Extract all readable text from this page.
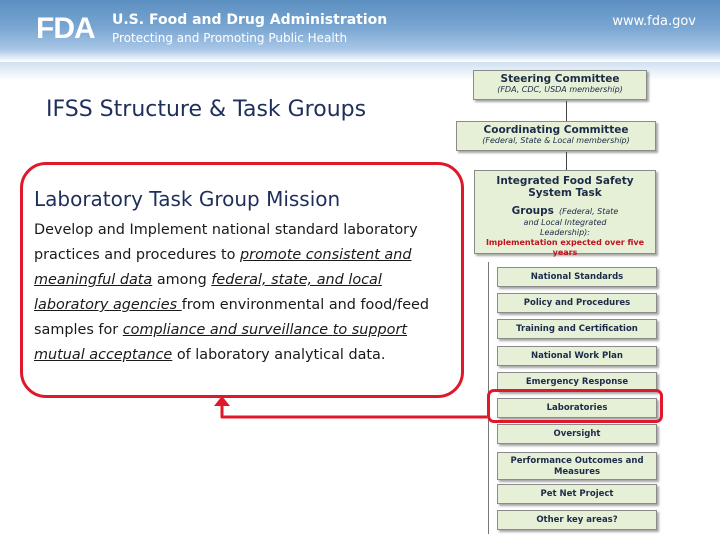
FDA	U.S. Food and Drug Administration
Protecting and Promoting Public Health
www.fda.gov
IFSS Structure & Task Groups
Laboratory Task Group Mission
Develop and Implement national standard laboratory practices and procedures to promote consistent and meaningful data among federal, state, and local laboratory agencies from environmental and food/feed samples for compliance and surveillance to support mutual acceptance of laboratory analytical data.
Steering Committee
(FDA, CDC, USDA membership)
Coordinating Committee
(Federal, State & Local membership)
Integrated Food Safety
System Task
Groups (Federal, State
and Local Integrated
Leadership):
Implementation expected over five years
National Standards
Policy and Procedures
Training and Certification
National Work Plan
Emergency Response
Laboratories
Oversight
Performance Outcomes and Measures
Pet Net Project
Other key areas?
